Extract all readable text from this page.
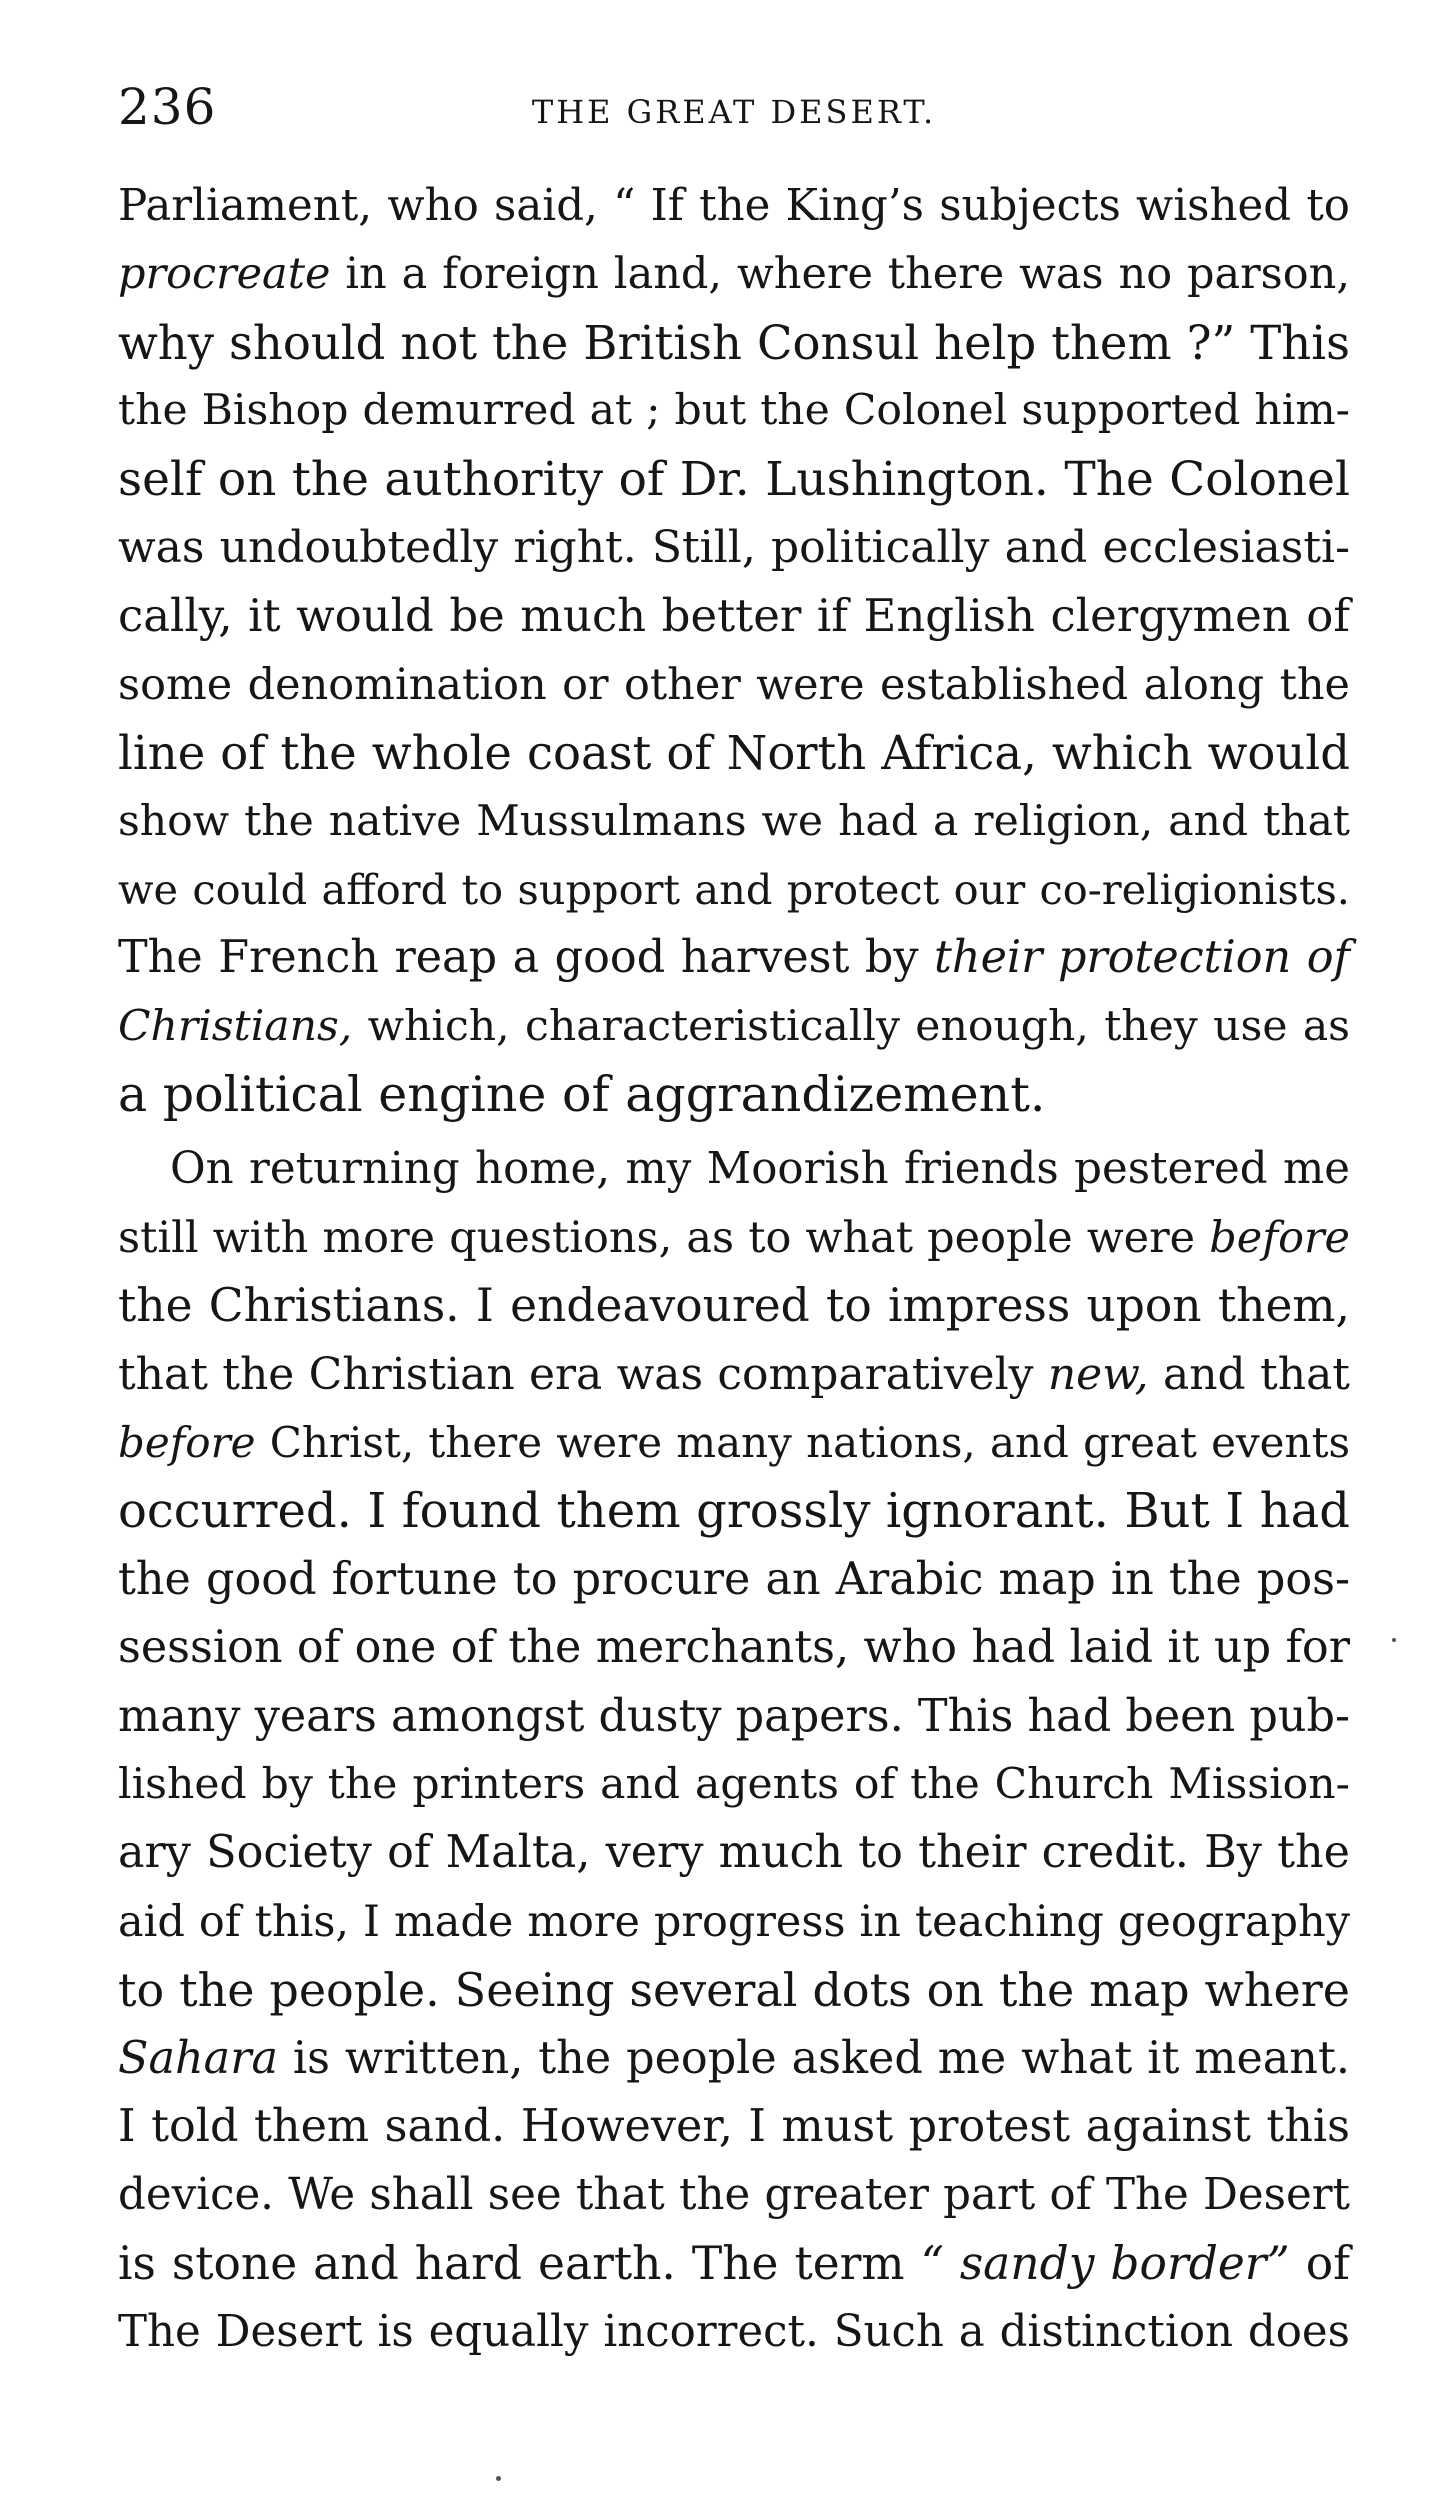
236	THE GREAT DESERT.
Parliament, who said, “ If the King’s subjects wished to
procreate in a foreign land, where there was no parson,
why should not the British Consul help them ?” This
the Bishop demurred at ; but the Colonel supported him-
self on the authority of Dr. Lushington. The Colonel
was undoubtedly right. Still, politically and ecclesiasti-
cally, it would be much better if English clergymen of
some denomination or other were established along the
line of the whole coast of North Africa, which would
show the native Mussulmans we had a religion, and that
we could afford to support and protect our co-religionists.
The French reap a good harvest by their protection of
Christians, which, characteristically enough, they use as
a political engine of aggrandizement.
On returning home, my Moorish friends pestered me
still with more questions, as to what people were before
the Christians. I endeavoured to impress upon them,
that the Christian era was comparatively new, and that
before Christ, there were many nations, and great events
occurred. I found them grossly ignorant. But I had
the good fortune to procure an Arabic map in the pos-
session of one of the merchants, who had laid it up for
many years amongst dusty papers. This had been pub-
lished by the printers and agents of the Church Mission-
ary Society of Malta, very much to their credit. By the
aid of this, I made more progress in teaching geography
to the people. Seeing several dots on the map where
Sahara is written, the people asked me what it meant.
I told them sand. However, I must protest against this
device. We shall see that the greater part of The Desert
is stone and hard earth. The term “ sandy border” of
The Desert is equally incorrect. Such a distinction does
